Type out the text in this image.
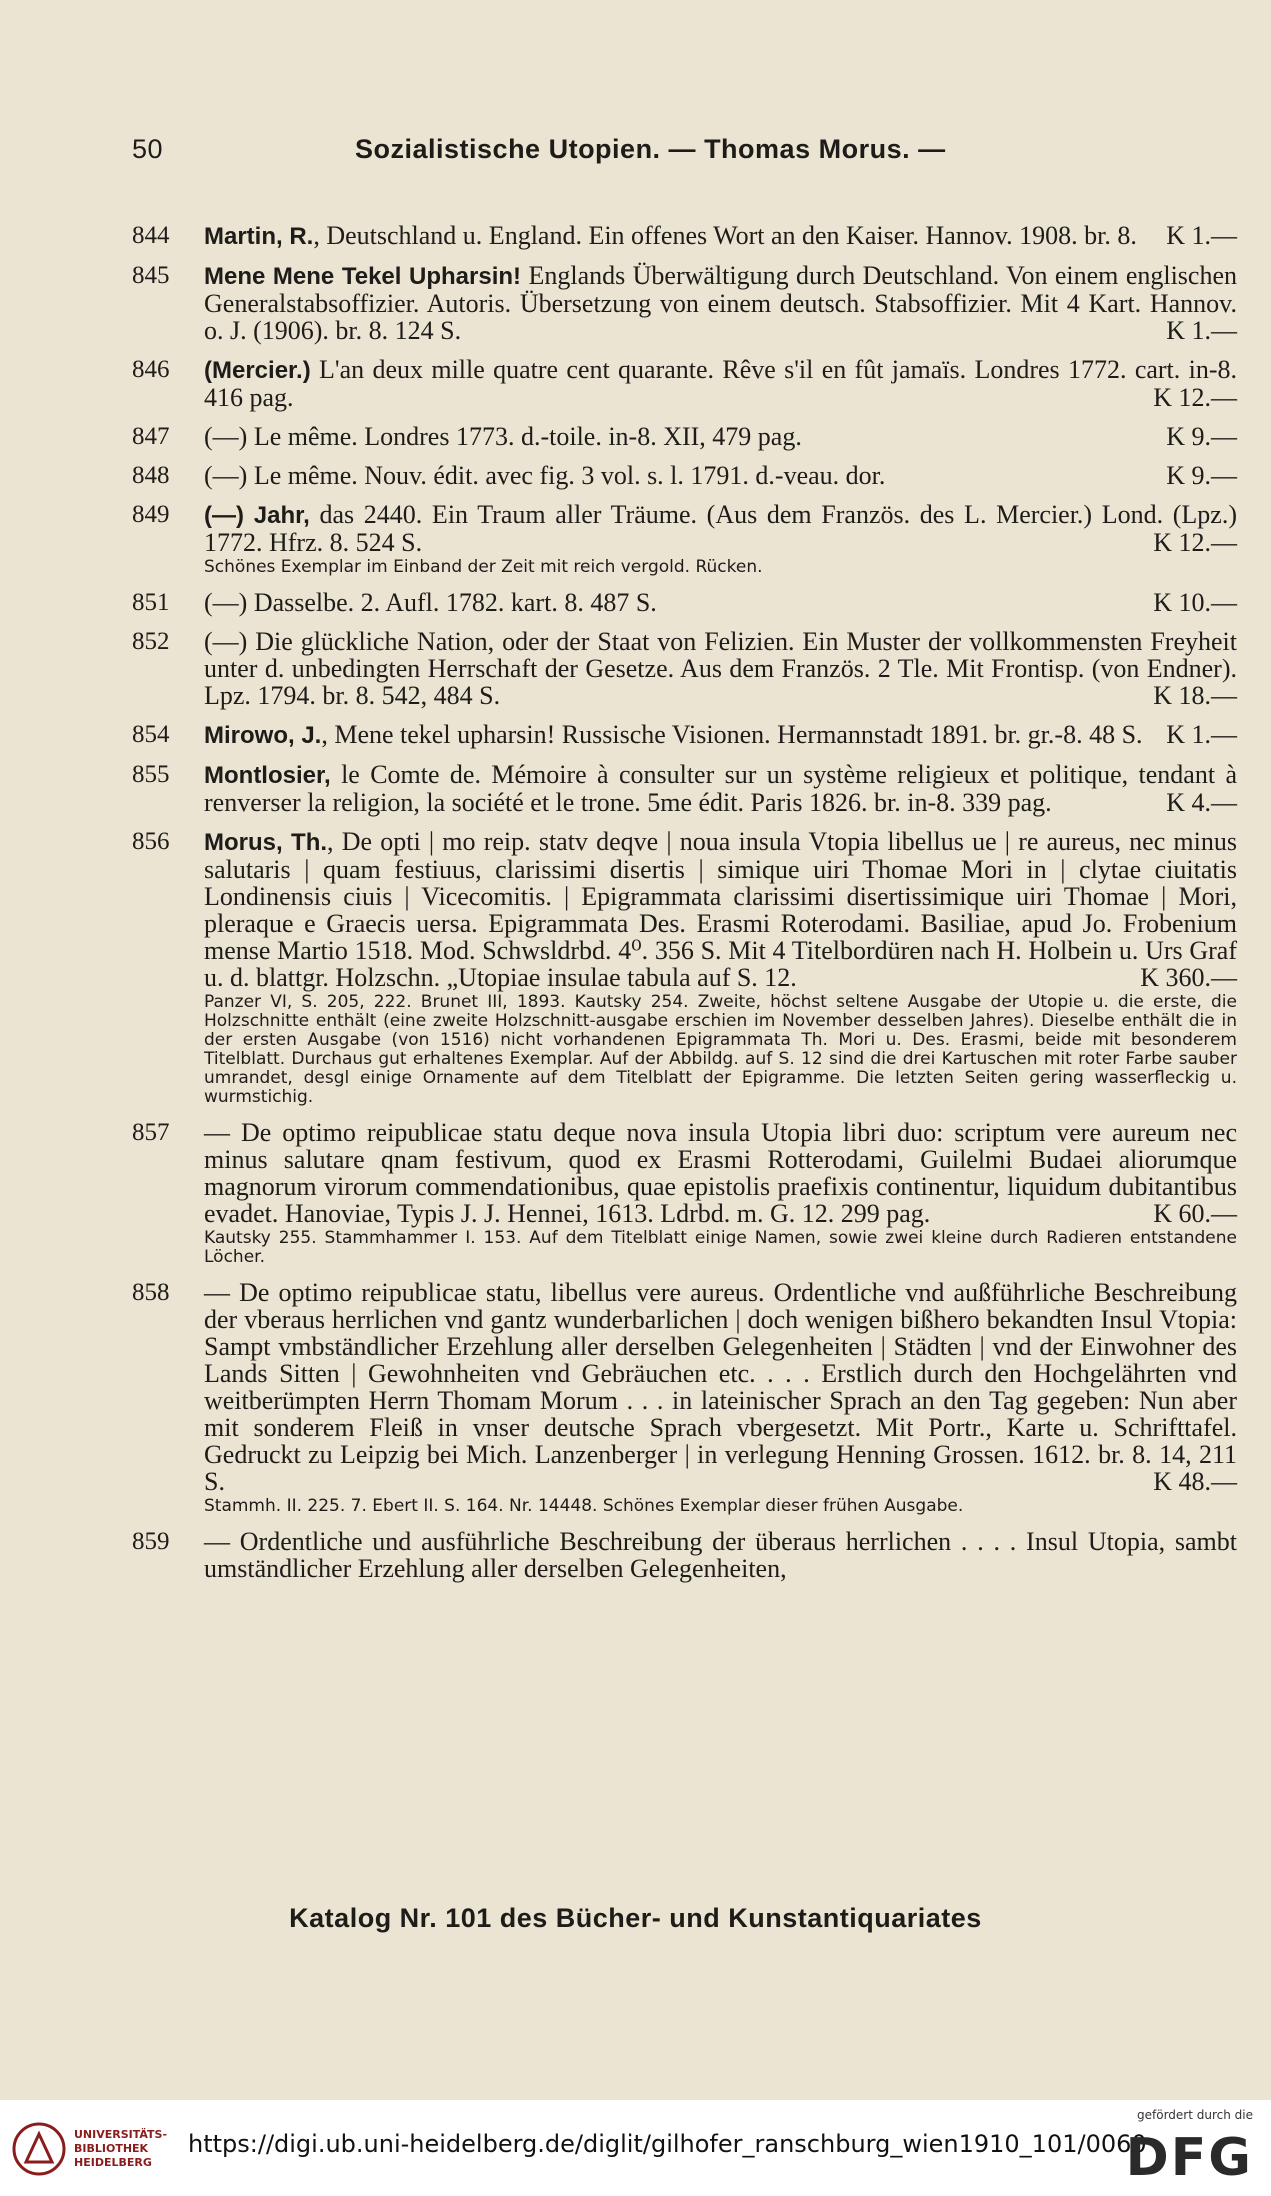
50	Sozialistische Utopien. — Thomas Morus. —
844 Martin, R., Deutschland u. England. Ein offenes Wort an den Kaiser. Hannov. 1908. br. 8. K 1.—
845 Mene Mene Tekel Upharsin! Englands Überwältigung durch Deutschland. Von einem englischen Generalstabsoffizier. Autoris. Übersetzung von einem deutsch. Stabsoffizier. Mit 4 Kart. Hannov. o. J. (1906). br. 8. 124 S.	K 1.—
846 (Mercier.) L'an deux mille quatre cent quarante. Rêve s'il en fût jamaïs. Londres 1772. cart. in-8. 416 pag.	K 12.—
847 (—) Le même. Londres 1773. d.-toile. in-8. XII, 479 pag.	K 9.—
848 (—) Le même. Nouv. édit. avec fig. 3 vol. s. l. 1791. d.-veau. dor.	K 9.—
849 (—) Jahr, das 2440. Ein Traum aller Träume. (Aus dem Französ. des L. Mercier.) Lond. (Lpz.) 1772. Hfrz. 8. 524 S.	K 12.—
Schönes Exemplar im Einband der Zeit mit reich vergold. Rücken.
851 (—) Dasselbe. 2. Aufl. 1782. kart. 8. 487 S.	K 10.—
852 (—) Die glückliche Nation, oder der Staat von Felizien. Ein Muster der vollkommensten Freyheit unter d. unbedingten Herrschaft der Gesetze. Aus dem Französ. 2 Tle. Mit Frontisp. (von Endner). Lpz. 1794. br. 8. 542, 484 S.	K 18.—
854 Mirowo, J., Mene tekel upharsin! Russische Visionen. Hermannstadt 1891. br. gr.-8. 48 S. K 1.—
855 Montlosier, le Comte de. Mémoire à consulter sur un système religieux et politique, tendant à renverser la religion, la société et le trone. 5me édit. Paris 1826. br. in-8. 339 pag.	K 4.—
856 Morus, Th., De opti | mo reip. statv deqve | noua insula Vtopia libellus ue | re aureus, nec minus salutaris | quam festiuus, clarissimi disertis | simique uiri Thomae Mori in | clytae ciuitatis Londinensis ciuis | Vicecomitis. | Epigrammata clarissimi disertissimique uiri Thomae | Mori, pleraque e Graecis uersa. Epigrammata Des. Erasmi Roterodami. Basiliae, apud Jo. Frobenium mense Martio 1518. Mod. Schwsldrbd. 4⁰. 356 S. Mit 4 Titelbordüren nach H. Holbein u. Urs Graf u. d. blattgr. Holzschn. „Utopiae insulae tabula auf S. 12.	K 360.—
Panzer VI, S. 205, 222. Brunet III, 1893. Kautsky 254. Zweite, höchst seltene Ausgabe der Utopie u. die erste, die Holzschnitte enthält (eine zweite Holzschnitt-ausgabe erschien im November desselben Jahres). Dieselbe enthält die in der ersten Ausgabe (von 1516) nicht vorhandenen Epigrammata Th. Mori u. Des. Erasmi, beide mit besonderem Titelblatt. Durchaus gut erhaltenes Exemplar. Auf der Abbildg. auf S. 12 sind die drei Kartuschen mit roter Farbe sauber umrandet, desgl einige Ornamente auf dem Titelblatt der Epigramme. Die letzten Seiten gering wasserfleckig u. wurmstichig.
857 — De optimo reipublicae statu deque nova insula Utopia libri duo: scriptum vere aureum nec minus salutare qnam festivum, quod ex Erasmi Rotterodami, Guilelmi Budaei aliorumque magnorum virorum commendationibus, quae epistolis praefixis continentur, liquidum dubitantibus evadet. Hanoviae, Typis J. J. Hennei, 1613. Ldrbd. m. G. 12. 299 pag.	K 60.—
Kautsky 255. Stammhammer I. 153. Auf dem Titelblatt einige Namen, sowie zwei kleine durch Radieren entstandene Löcher.
858 — De optimo reipublicae statu, libellus vere aureus. Ordentliche vnd außführliche Beschreibung der vberaus herrlichen vnd gantz wunderbarlichen | doch wenigen bißhero bekandten Insul Vtopia: Sampt vmbständlicher Erzehlung aller derselben Gelegenheiten | Städten | vnd der Einwohner des Lands Sitten | Gewohnheiten vnd Gebräuchen etc. . . . Erstlich durch den Hochgelährten vnd weitberümpten Herrn Thomam Morum . . . in lateinischer Sprach an den Tag gegeben: Nun aber mit sonderem Fleiß in vnser deutsche Sprach vbergesetzt. Mit Portr., Karte u. Schrifttafel. Gedruckt zu Leipzig bei Mich. Lanzenberger | in verlegung Henning Grossen. 1612. br. 8. 14, 211 S.	K 48.—
Stammh. II. 225. 7. Ebert II. S. 164. Nr. 14448. Schönes Exemplar dieser frühen Ausgabe.
859 — Ordentliche und ausführliche Beschreibung der überaus herrlichen . . . . Insul Utopia, sambt umständlicher Erzehlung aller derselben Gelegenheiten,
Katalog Nr. 101 des Bücher- und Kunstantiquariates
UNIVERSITÄTS-
BIBLIOTHEK
HEIDELBERG
https://digi.ub.uni-heidelberg.de/diglit/gilhofer_ranschburg_wien1910_101/0060
gefördert durch die
DFG
